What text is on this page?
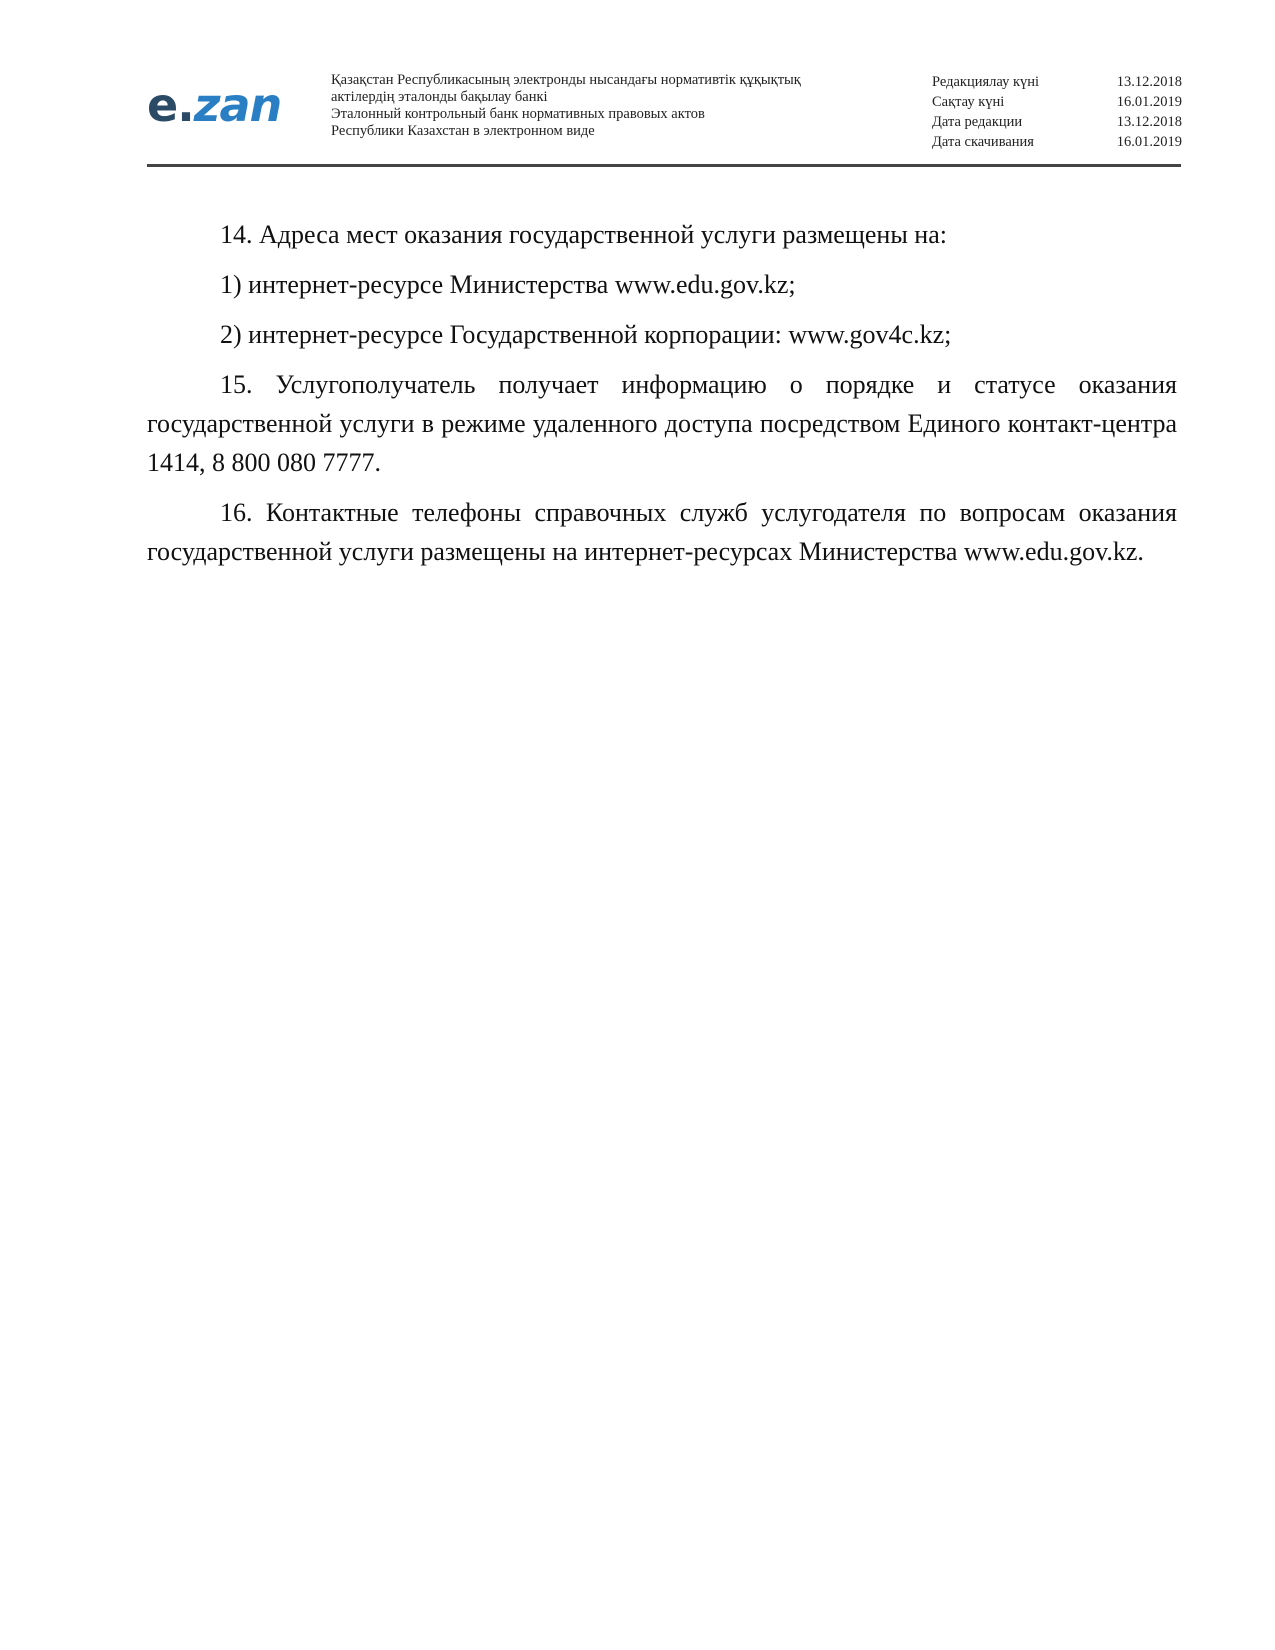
e.zan	Қазақстан Республикасының электронды нысандағы нормативтік құқықтық
актілердің эталонды бақылау банкі
Эталонный контрольный банк нормативных правовых актов
Республики Казахстан в электронном виде
Редакциялау күні	13.12.2018
Сақтау күні	16.01.2019
Дата редакции	13.12.2018
Дата скачивания	16.01.2019

14. Адреса мест оказания государственной услуги размещены на:

1) интернет-ресурсе Министерства www.edu.gov.kz;

2) интернет-ресурсе Государственной корпорации: www.gov4c.kz;

15. Услугополучатель получает информацию о порядке и статусе оказания государственной услуги в режиме удаленного доступа посредством Единого контакт-центра 1414, 8 800 080 7777.

16. Контактные телефоны справочных служб услугодателя по вопросам оказания государственной услуги размещены на интернет-ресурсах Министерства www.edu.gov.kz.
